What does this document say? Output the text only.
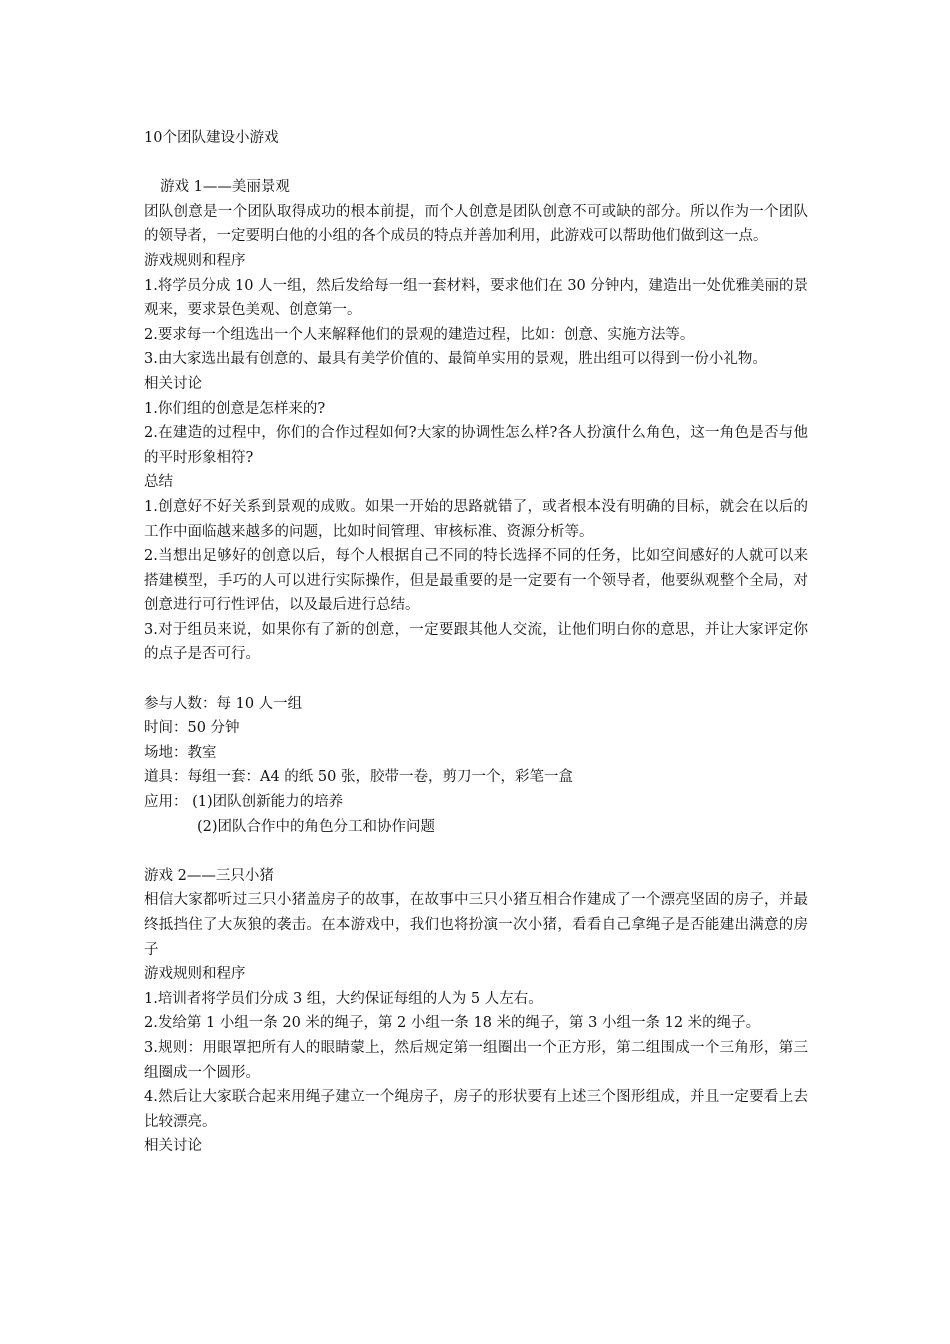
10个团队建设小游戏
游戏 1——美丽景观
团队创意是一个团队取得成功的根本前提，而个人创意是团队创意不可或缺的部分。所以作为一个团队的领导者，一定要明白他的小组的各个成员的特点并善加利用，此游戏可以帮助他们做到这一点。
游戏规则和程序
1.将学员分成 10 人一组，然后发给每一组一套材料，要求他们在 30 分钟内，建造出一处优雅美丽的景观来，要求景色美观、创意第一。
2.要求每一个组选出一个人来解释他们的景观的建造过程，比如：创意、实施方法等。
3.由大家选出最有创意的、最具有美学价值的、最简单实用的景观，胜出组可以得到一份小礼物。
相关讨论
1.你们组的创意是怎样来的?
2.在建造的过程中，你们的合作过程如何?大家的协调性怎么样?各人扮演什么角色，这一角色是否与他的平时形象相符?
总结
1.创意好不好关系到景观的成败。如果一开始的思路就错了，或者根本没有明确的目标，就会在以后的工作中面临越来越多的问题，比如时间管理、审核标准、资源分析等。
2.当想出足够好的创意以后，每个人根据自己不同的特长选择不同的任务，比如空间感好的人就可以来搭建模型，手巧的人可以进行实际操作，但是最重要的是一定要有一个领导者，他要纵观整个全局，对创意进行可行性评估，以及最后进行总结。
3.对于组员来说，如果你有了新的创意，一定要跟其他人交流，让他们明白你的意思，并让大家评定你的点子是否可行。
参与人数：每 10 人一组
时间：50 分钟
场地：教室
道具：每组一套：A4 的纸 50 张，胶带一卷，剪刀一个，彩笔一盒
应用： (1)团队创新能力的培养
(2)团队合作中的角色分工和协作问题
游戏 2——三只小猪
相信大家都听过三只小猪盖房子的故事，在故事中三只小猪互相合作建成了一个漂亮坚固的房子，并最终抵挡住了大灰狼的袭击。在本游戏中，我们也将扮演一次小猪，看看自己拿绳子是否能建出满意的房子
游戏规则和程序
1.培训者将学员们分成 3 组，大约保证每组的人为 5 人左右。
2.发给第 1 小组一条 20 米的绳子，第 2 小组一条 18 米的绳子，第 3 小组一条 12 米的绳子。
3.规则：用眼罩把所有人的眼睛蒙上，然后规定第一组圈出一个正方形，第二组围成一个三角形，第三组圈成一个圆形。
4.然后让大家联合起来用绳子建立一个绳房子，房子的形状要有上述三个图形组成，并且一定要看上去比较漂亮。
相关讨论
